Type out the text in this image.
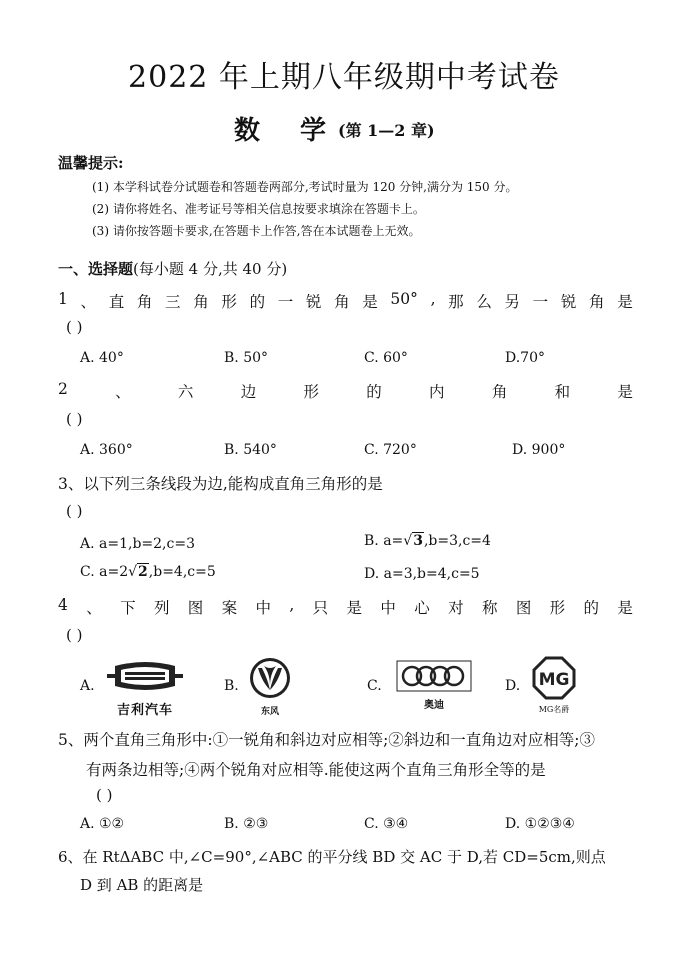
2022 年上期八年级期中考试卷
数学
(第 1—2 章)
温馨提示:
(1) 本学科试卷分试题卷和答题卷两部分,考试时量为 120 分钟,满分为 150 分。
(2) 请你将姓名、准考证号等相关信息按要求填涂在答题卡上。
(3) 请你按答题卡要求,在答题卡上作答,答在本试题卷上无效。
一、选择题(每小题 4 分,共 40 分)
1 、 直 角 三 角 形 的 一 锐 角 是 50° , 那 么 另 一 锐 角 是
( )
A. 40°	B. 50°	C. 60°	D.70°
2	、	六	边	形	的	内	角	和	是
( )
A. 360°	B. 540°	C. 720°	D. 900°
3、以下列三条线段为边,能构成直角三角形的是
( )
A. a=1,b=2,c=3	B. a=√3,b=3,c=4
C. a=2√2,b=4,c=5	D. a=3,b=4,c=5
4 、 下 列 图 案 中 , 只 是 中 心 对 称 图 形 的 是
( )
A.	B.	C.	D.
吉利汽车	东风
奥迪
MG
MG名爵
5、两个直角三角形中:①一锐角和斜边对应相等;②斜边和一直角边对应相等;③
有两条边相等;④两个锐角对应相等.能使这两个直角三角形全等的是
( )
A. ①②	B. ②③	C. ③④	D. ①②③④
6、在 RtΔABC 中,∠C=90°,∠ABC 的平分线 BD 交 AC 于 D,若 CD=5cm,则点
D 到 AB 的距离是
